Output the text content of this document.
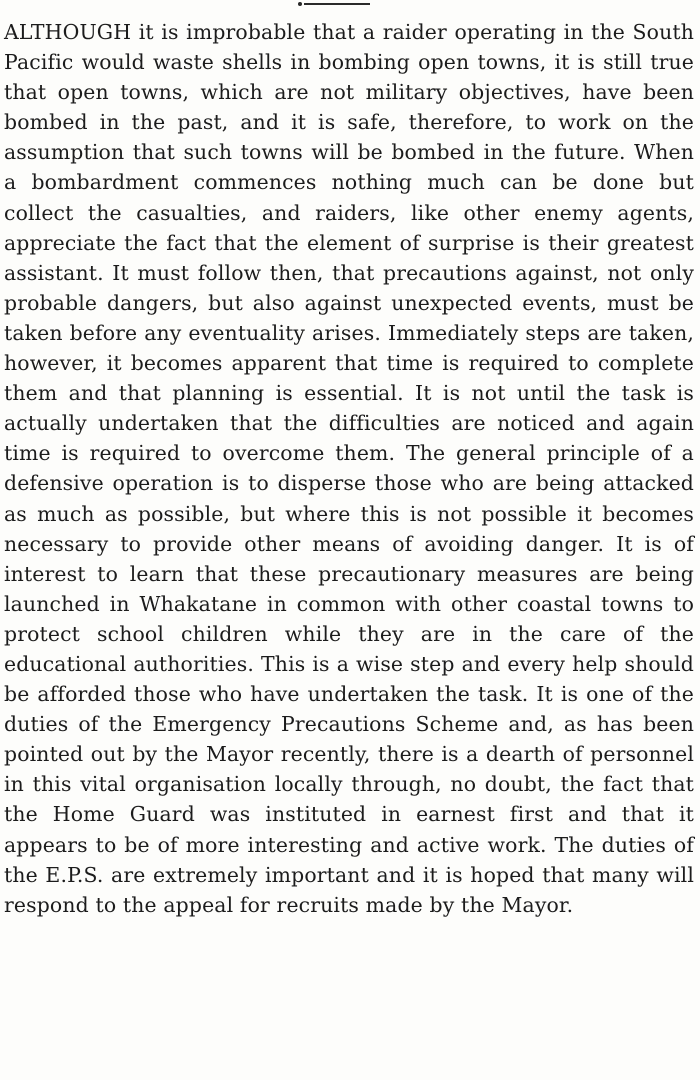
ALTHOUGH it is improbable that a raider operating in the South Pacific would waste shells in bombing open towns, it is still true that open towns, which are not military objectives, have been bombed in the past, and it is safe, therefore, to work on the assumption that such towns will be bombed in the future. When a bombardment commences nothing much can be done but collect the casualties, and raiders, like other enemy agents, appreciate the fact that the element of surprise is their greatest assistant. It must follow then, that precautions against, not only probable dangers, but also against unexpected events, must be taken before any eventuality arises. Immediately steps are taken, however, it becomes apparent that time is required to complete them and that planning is essential. It is not until the task is actually undertaken that the difficulties are noticed and again time is required to overcome them. The general principle of a defensive operation is to disperse those who are being attacked as much as possible, but where this is not possible it becomes necessary to provide other means of avoiding danger. It is of interest to learn that these precautionary measures are being launched in Whakatane in common with other coastal towns to protect school children while they are in the care of the educational authorities. This is a wise step and every help should be afforded those who have undertaken the task. It is one of the duties of the Emergency Precautions Scheme and, as has been pointed out by the Mayor recently, there is a dearth of personnel in this vital organisation locally through, no doubt, the fact that the Home Guard was instituted in earnest first and that it appears to be of more interesting and active work. The duties of the E.P.S. are extremely important and it is hoped that many will respond to the appeal for recruits made by the Mayor.
